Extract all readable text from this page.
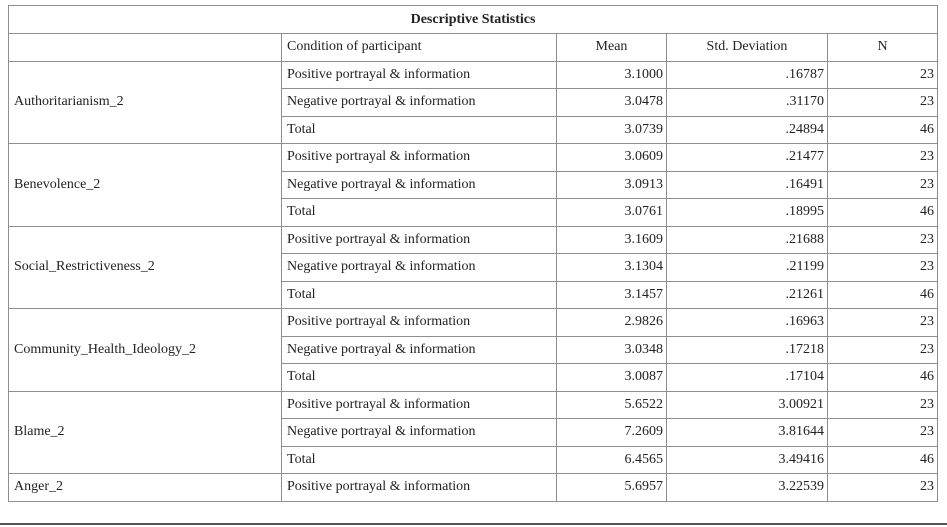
Descriptive Statistics				
	Condition of participant	Mean	Std. Deviation	N
Authoritarianism_2	Positive portrayal & information	3.1000	.16787	23
	Negative portrayal & information	3.0478	.31170	23
	Total	3.0739	.24894	46
Benevolence_2	Positive portrayal & information	3.0609	.21477	23
	Negative portrayal & information	3.0913	.16491	23
	Total	3.0761	.18995	46
Social_Restrictiveness_2	Positive portrayal & information	3.1609	.21688	23
	Negative portrayal & information	3.1304	.21199	23
	Total	3.1457	.21261	46
Community_Health_Ideology_2	Positive portrayal & information	2.9826	.16963	23
	Negative portrayal & information	3.0348	.17218	23
	Total	3.0087	.17104	46
Blame_2	Positive portrayal & information	5.6522	3.00921	23
	Negative portrayal & information	7.2609	3.81644	23
	Total	6.4565	3.49416	46
Anger_2	Positive portrayal & information	5.6957	3.22539	23
